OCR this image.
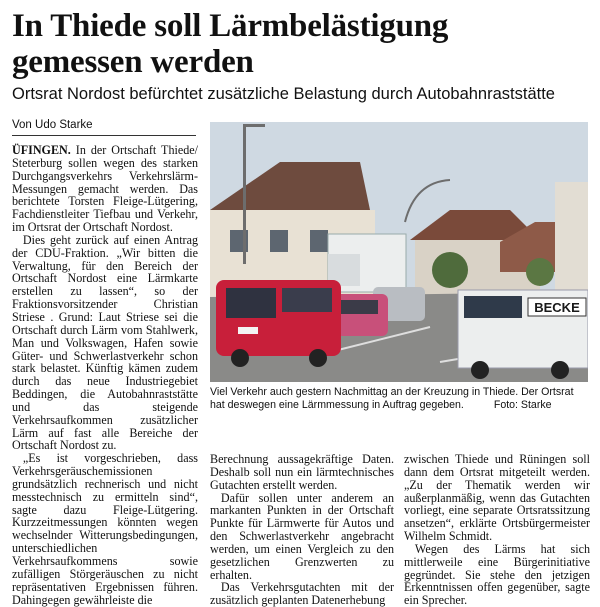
In Thiede soll Lärmbelästigung
gemessen werden
Ortsrat Nordost befürchtet zusätzliche Belastung durch Autobahnraststätte
Von Udo Starke

ÜFINGEN. In der Ortschaft Thiede/ Steterburg sollen wegen des starken Durchgangsverkehrs Verkehrslärm-Messungen gemacht werden. Das berichtete Torsten Fleige-Lütgering, Fachdienstleiter Tiefbau und Verkehr, im Ortsrat der Ortschaft Nordost.

Dies geht zurück auf einen Antrag der CDU-Fraktion. „Wir bitten die Verwaltung, für den Bereich der Ortschaft Nordost eine Lärmkarte erstellen zu lassen“, so der Fraktionsvorsitzender Christian Striese . Grund: Laut Striese sei die Ortschaft durch Lärm vom Stahlwerk, Man und Volkswagen, Hafen sowie Güter- und Schwerlastverkehr schon stark belastet. Künftig kämen zudem durch das neue Industriegebiet Beddingen, die Autobahnraststätte und das steigende Verkehrsaufkommen zusätzlicher Lärm auf fast alle Bereiche der Ortschaft Nordost zu.

„Es ist vorgeschrieben, dass Verkehrsgeräuschemissionen grundsätzlich rechnerisch und nicht messtechnisch zu ermitteln sind“, sagte dazu Fleige-Lütgering. Kurzzeitmessungen könnten wegen wechselnder Witterungsbedingungen, unterschiedlichen Verkehrsaufkommens sowie zufälligen Störgeräuschen zu nicht repräsentativen Ergebnissen führen. Dahingegen gewährleiste die

BECKE
Viel Verkehr auch gestern Nachmittag an der Kreuzung in Thiede. Der Ortsrat
hat deswegen eine Lärmmessung in Auftrag gegeben.	Foto: Starke

Berechnung aussagekräftige Daten. Deshalb soll nun ein lärmtechnisches Gutachten erstellt werden.

Dafür sollen unter anderem an markanten Punkten in der Ortschaft Punkte für Lärmwerte für Autos und den Schwerlastverkehr angebracht werden, um einen Vergleich zu den gesetzlichen Grenzwerten zu erhalten.

Das Verkehrsgutachten mit der zusätzlich geplanten Datenerhebung

zwischen Thiede und Rüningen soll dann dem Ortsrat mitgeteilt werden. „Zu der Thematik werden wir außerplanmäßig, wenn das Gutachten vorliegt, eine separate Ortsratssitzung ansetzen“, erklärte Ortsbürgermeister Wilhelm Schmidt.

Wegen des Lärms hat sich mittlerweile eine Bürgerinitiative gegründet. Sie stehe den jetzigen Erkenntnissen offen gegenüber, sagte ein Sprecher.
